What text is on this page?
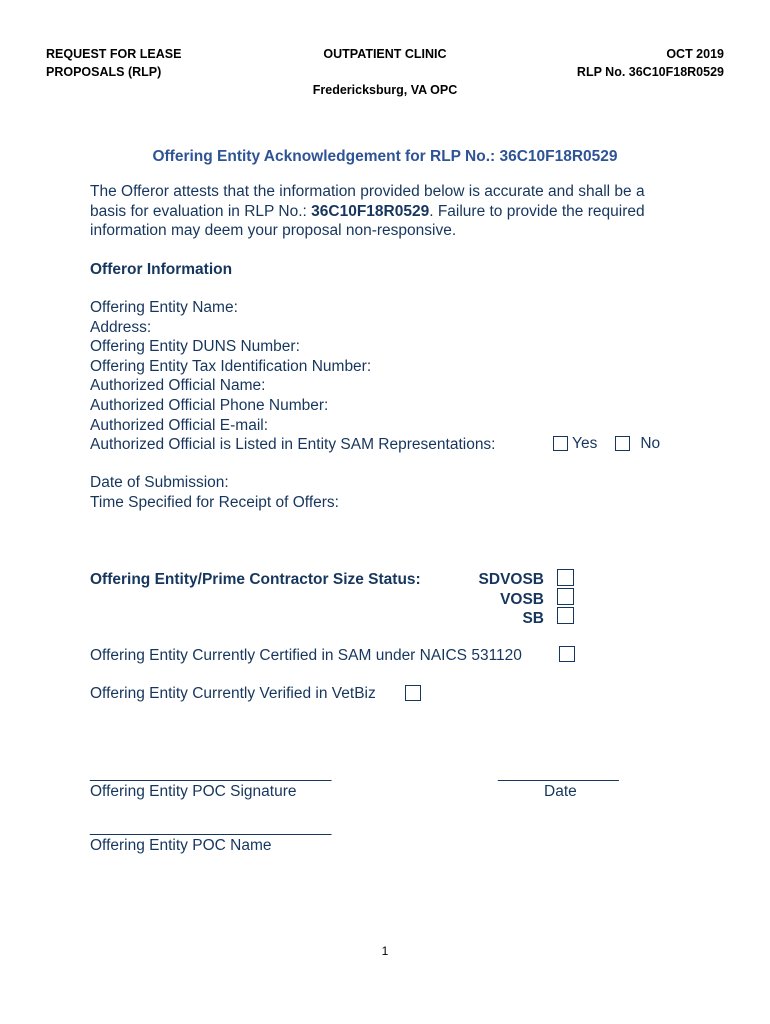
REQUEST FOR LEASE
PROPOSALS (RLP)
OUTPATIENT CLINIC
Fredericksburg, VA OPC
OCT 2019
RLP No. 36C10F18R0529
Offering Entity Acknowledgement for RLP No.: 36C10F18R0529
The Offeror attests that the information provided below is accurate and shall be a
basis for evaluation in RLP No.: 36C10F18R0529. Failure to provide the required
information may deem your proposal non-responsive.
Offeror Information
Offering Entity Name:
Address:
Offering Entity DUNS Number:
Offering Entity Tax Identification Number:
Authorized Official Name:
Authorized Official Phone Number:
Authorized Official E-mail:
Authorized Official is Listed in Entity SAM Representations:	Yes	No
Date of Submission:
Time Specified for Receipt of Offers:
Offering Entity/Prime Contractor Size Status:	SDVOSB
VOSB
SB
Offering Entity Currently Certified in SAM under NAICS 531120
Offering Entity Currently Verified in VetBiz
____________________________	______________
Offering Entity POC Signature	Date
____________________________
Offering Entity POC Name
1
